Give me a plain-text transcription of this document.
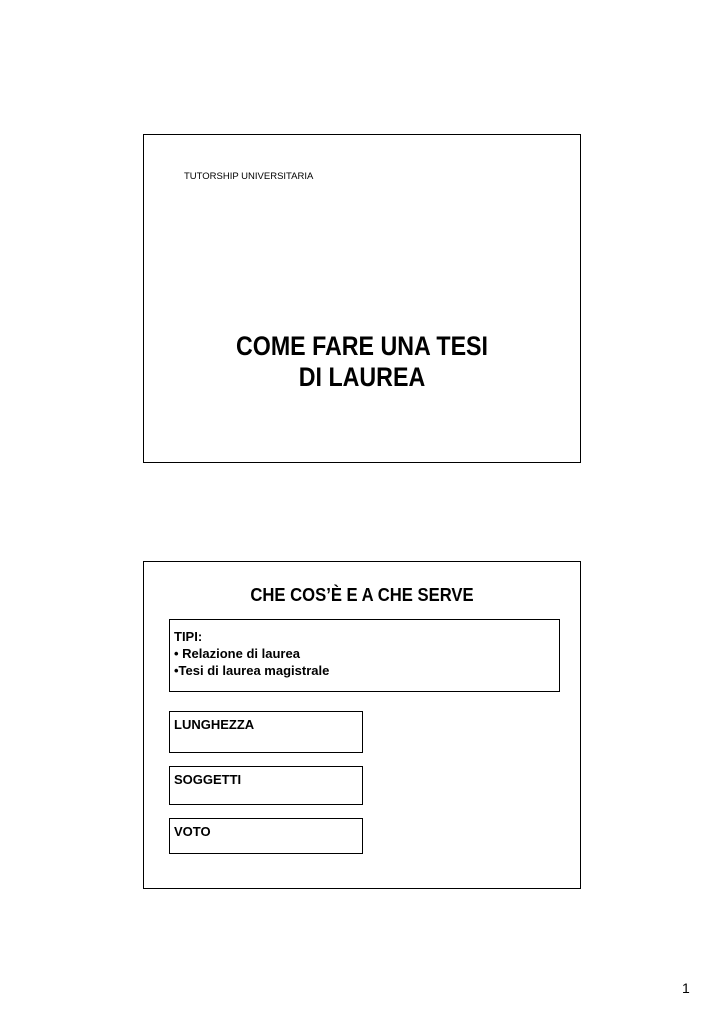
TUTORSHIP UNIVERSITARIA
COME FARE UNA TESI
DI LAUREA
CHE COS’È E A CHE SERVE
TIPI:
• Relazione di laurea
•Tesi di laurea magistrale
LUNGHEZZA
SOGGETTI
VOTO
1
